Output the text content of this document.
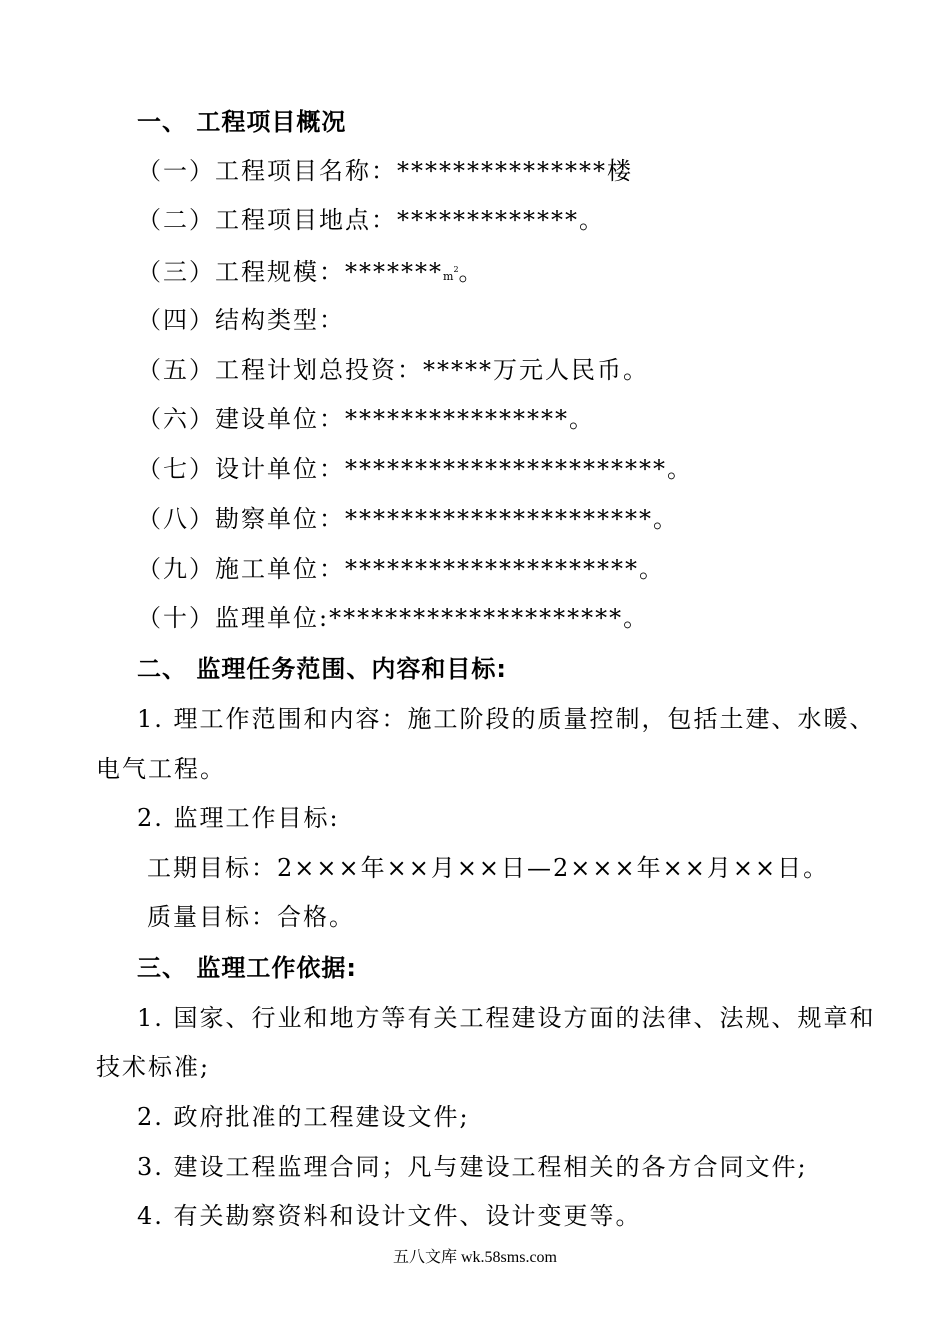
一、 工程项目概况
（一）工程项目名称：***************楼
（二）工程项目地点：*************。
（三）工程规模：$*******m^2$。
（四）结构类型：
（五）工程计划总投资：*****万元人民币。
（六）建设单位：****************。
（七）设计单位：***********************。
（八）勘察单位：**********************。
（九）施工单位：*********************。
（十）监理单位:*********************。
二、 监理任务范围、内容和目标:
1. 理工作范围和内容：施工阶段的质量控制，包括土建、水暖、
电气工程。
2. 监理工作目标:
工期目标：2×××年××月××日—2×××年××月××日。
质量目标：合格。
三、 监理工作依据:
1. 国家、行业和地方等有关工程建设方面的法律、法规、规章和
技术标准;
2. 政府批准的工程建设文件;
3. 建设工程监理合同；凡与建设工程相关的各方合同文件;
4. 有关勘察资料和设计文件、设计变更等。
五八文库 wk.58sms.com
